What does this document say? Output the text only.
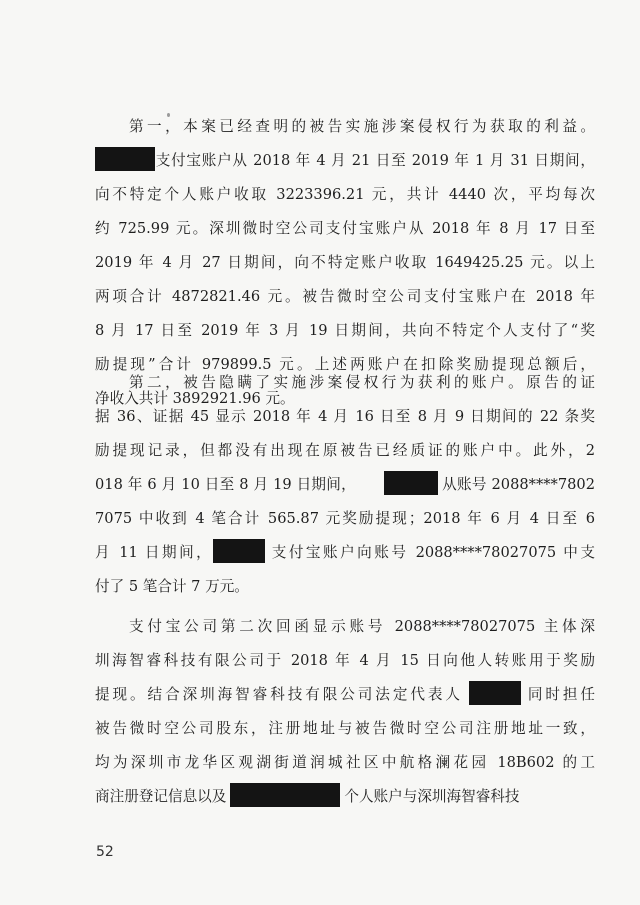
第一，本案已经查明的被告实施涉案侵权行为获取的利益。
支付宝账户从 2018 年 4 月 21 日至 2019 年 1 月 31 日期间，
向不特定个人账户收取 3223396.21 元，共计 4440 次，平均每次
约 725.99 元。深圳微时空公司支付宝账户从 2018 年 8 月 17 日至
2019 年 4 月 27 日期间，向不特定账户收取 1649425.25 元。以上
两项合计 4872821.46 元。被告微时空公司支付宝账户在 2018 年
8 月 17 日至 2019 年 3 月 19 日期间，共向不特定个人支付了“奖
励提现”合计 979899.5 元。上述两账户在扣除奖励提现总额后，
净收入共计 3892921.96 元。
第二，被告隐瞒了实施涉案侵权行为获利的账户。原告的证
据 36、证据 45 显示 2018 年 4 月 16 日至 8 月 9 日期间的 22 条奖
励提现记录，但都没有出现在原被告已经质证的账户中。此外，2
018 年 6 月 10 日至 8 月 19 日期间，	从账号 2088****7802
7075 中收到 4 笔合计 565.87 元奖励提现；2018 年 6 月 4 日至 6
月 11 日期间，	支付宝账户向账号 2088****78027075 中支
付了 5 笔合计 7 万元。
支付宝公司第二次回函显示账号 2088****78027075 主体深
圳海智睿科技有限公司于 2018 年 4 月 15 日向他人转账用于奖励
提现。结合深圳海智睿科技有限公司法定代表人	同时担任
被告微时空公司股东，注册地址与被告微时空公司注册地址一致，
均为深圳市龙华区观湖街道润城社区中航格澜花园 18B602 的工
商注册登记信息以及	个人账户与深圳海智睿科技
52
